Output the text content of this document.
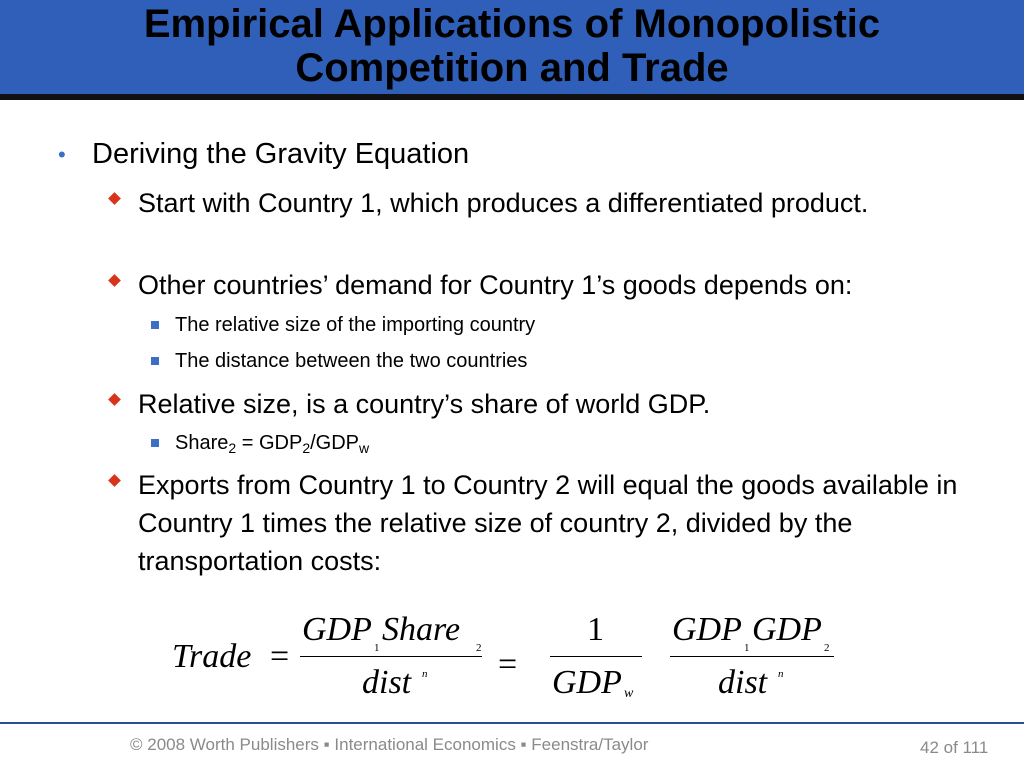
Empirical Applications of Monopolistic
Competition and Trade
• Deriving the Gravity Equation
Start with Country 1, which produces a differentiated product.
Other countries’ demand for Country 1’s goods depends on:
The relative size of the importing country
The distance between the two countries
Relative size, is a country’s share of world GDP.
Share$_2$ = $GDP_2/GDP_w$
Exports from Country 1 to Country 2 will equal the goods available in Country 1 times the relative size of country 2, divided by the transportation costs:
Trade =
GDP 1 Share 2
dist n =
1
GDP w
GDP 1 GDP 2
dist n
© 2008 Worth Publishers ▪ International Economics ▪ Feenstra/Taylor	42 of 111
